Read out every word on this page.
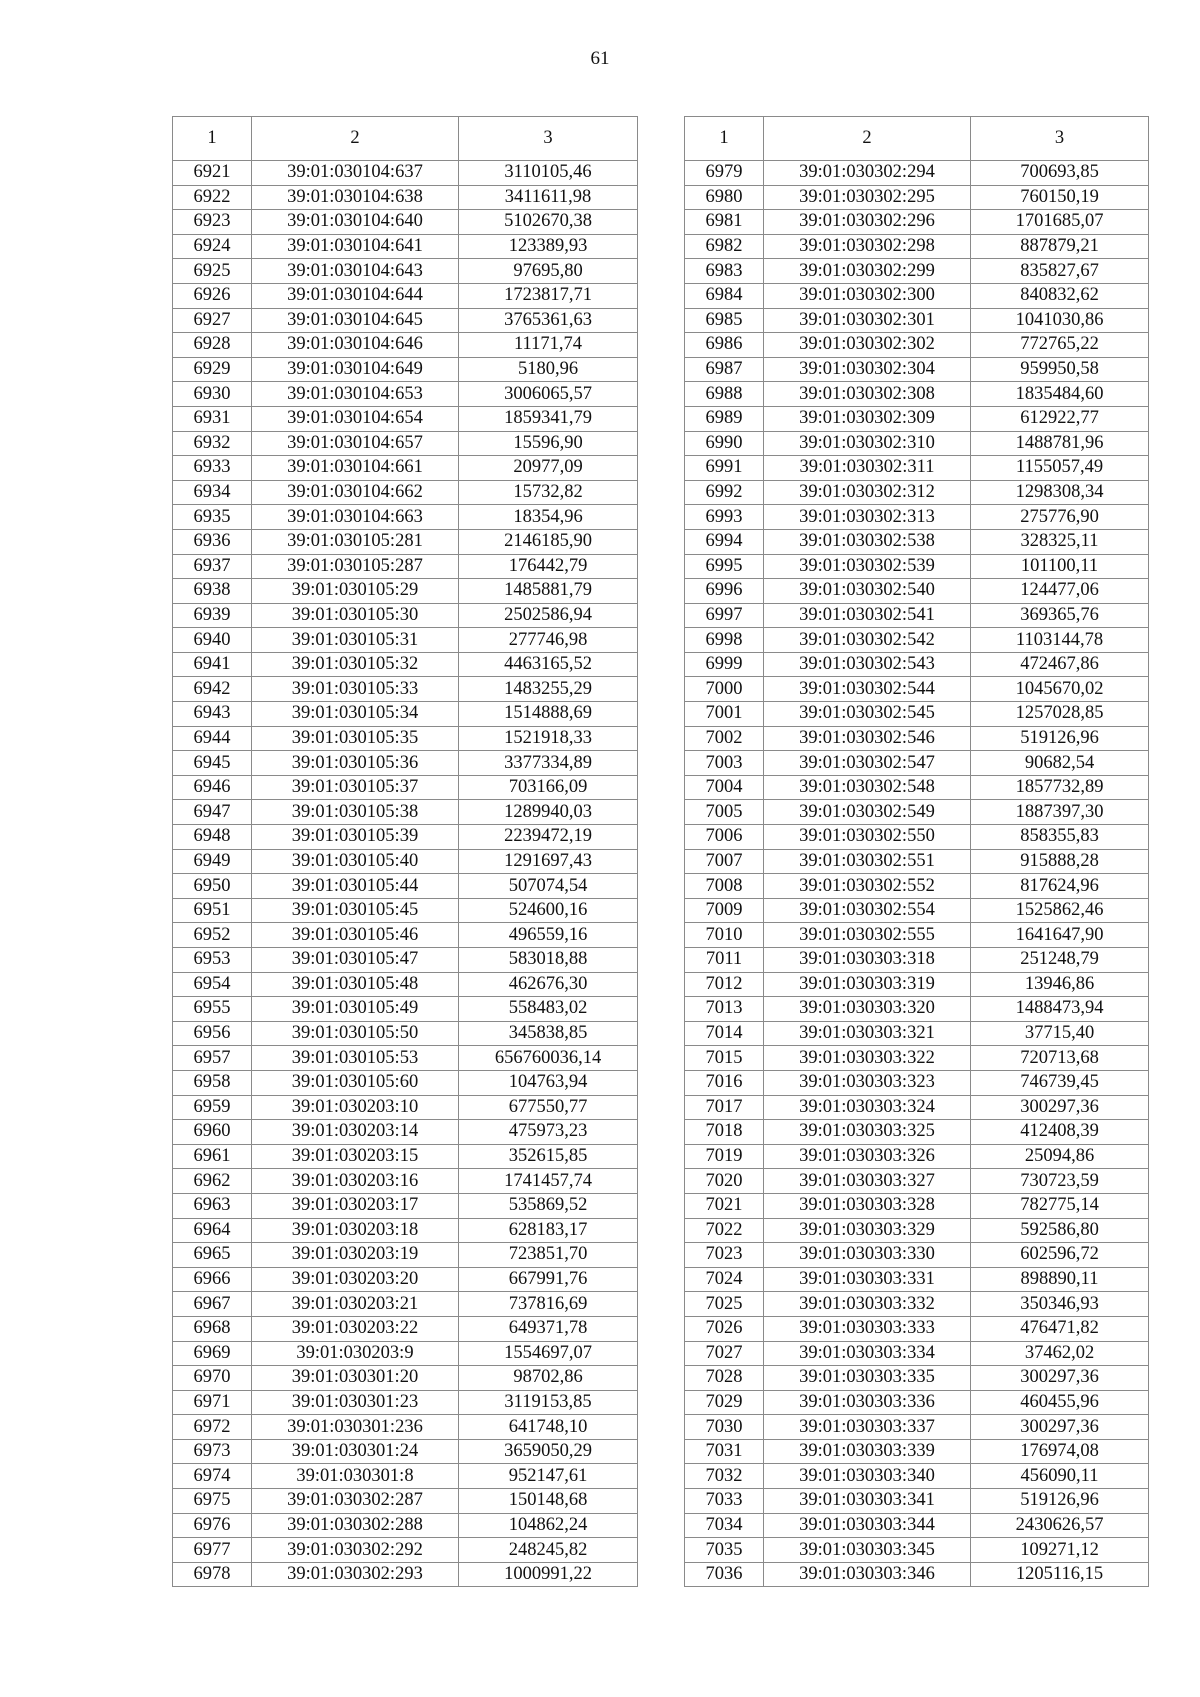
61
1	2	3
6921	39:01:030104:637	3110105,46
6922	39:01:030104:638	3411611,98
6923	39:01:030104:640	5102670,38
6924	39:01:030104:641	123389,93
6925	39:01:030104:643	97695,80
6926	39:01:030104:644	1723817,71
6927	39:01:030104:645	3765361,63
6928	39:01:030104:646	11171,74
6929	39:01:030104:649	5180,96
6930	39:01:030104:653	3006065,57
6931	39:01:030104:654	1859341,79
6932	39:01:030104:657	15596,90
6933	39:01:030104:661	20977,09
6934	39:01:030104:662	15732,82
6935	39:01:030104:663	18354,96
6936	39:01:030105:281	2146185,90
6937	39:01:030105:287	176442,79
6938	39:01:030105:29	1485881,79
6939	39:01:030105:30	2502586,94
6940	39:01:030105:31	277746,98
6941	39:01:030105:32	4463165,52
6942	39:01:030105:33	1483255,29
6943	39:01:030105:34	1514888,69
6944	39:01:030105:35	1521918,33
6945	39:01:030105:36	3377334,89
6946	39:01:030105:37	703166,09
6947	39:01:030105:38	1289940,03
6948	39:01:030105:39	2239472,19
6949	39:01:030105:40	1291697,43
6950	39:01:030105:44	507074,54
6951	39:01:030105:45	524600,16
6952	39:01:030105:46	496559,16
6953	39:01:030105:47	583018,88
6954	39:01:030105:48	462676,30
6955	39:01:030105:49	558483,02
6956	39:01:030105:50	345838,85
6957	39:01:030105:53	656760036,14
6958	39:01:030105:60	104763,94
6959	39:01:030203:10	677550,77
6960	39:01:030203:14	475973,23
6961	39:01:030203:15	352615,85
6962	39:01:030203:16	1741457,74
6963	39:01:030203:17	535869,52
6964	39:01:030203:18	628183,17
6965	39:01:030203:19	723851,70
6966	39:01:030203:20	667991,76
6967	39:01:030203:21	737816,69
6968	39:01:030203:22	649371,78
6969	39:01:030203:9	1554697,07
6970	39:01:030301:20	98702,86
6971	39:01:030301:23	3119153,85
6972	39:01:030301:236	641748,10
6973	39:01:030301:24	3659050,29
6974	39:01:030301:8	952147,61
6975	39:01:030302:287	150148,68
6976	39:01:030302:288	104862,24
6977	39:01:030302:292	248245,82
6978	39:01:030302:293	1000991,22
1	2	3
6979	39:01:030302:294	700693,85
6980	39:01:030302:295	760150,19
6981	39:01:030302:296	1701685,07
6982	39:01:030302:298	887879,21
6983	39:01:030302:299	835827,67
6984	39:01:030302:300	840832,62
6985	39:01:030302:301	1041030,86
6986	39:01:030302:302	772765,22
6987	39:01:030302:304	959950,58
6988	39:01:030302:308	1835484,60
6989	39:01:030302:309	612922,77
6990	39:01:030302:310	1488781,96
6991	39:01:030302:311	1155057,49
6992	39:01:030302:312	1298308,34
6993	39:01:030302:313	275776,90
6994	39:01:030302:538	328325,11
6995	39:01:030302:539	101100,11
6996	39:01:030302:540	124477,06
6997	39:01:030302:541	369365,76
6998	39:01:030302:542	1103144,78
6999	39:01:030302:543	472467,86
7000	39:01:030302:544	1045670,02
7001	39:01:030302:545	1257028,85
7002	39:01:030302:546	519126,96
7003	39:01:030302:547	90682,54
7004	39:01:030302:548	1857732,89
7005	39:01:030302:549	1887397,30
7006	39:01:030302:550	858355,83
7007	39:01:030302:551	915888,28
7008	39:01:030302:552	817624,96
7009	39:01:030302:554	1525862,46
7010	39:01:030302:555	1641647,90
7011	39:01:030303:318	251248,79
7012	39:01:030303:319	13946,86
7013	39:01:030303:320	1488473,94
7014	39:01:030303:321	37715,40
7015	39:01:030303:322	720713,68
7016	39:01:030303:323	746739,45
7017	39:01:030303:324	300297,36
7018	39:01:030303:325	412408,39
7019	39:01:030303:326	25094,86
7020	39:01:030303:327	730723,59
7021	39:01:030303:328	782775,14
7022	39:01:030303:329	592586,80
7023	39:01:030303:330	602596,72
7024	39:01:030303:331	898890,11
7025	39:01:030303:332	350346,93
7026	39:01:030303:333	476471,82
7027	39:01:030303:334	37462,02
7028	39:01:030303:335	300297,36
7029	39:01:030303:336	460455,96
7030	39:01:030303:337	300297,36
7031	39:01:030303:339	176974,08
7032	39:01:030303:340	456090,11
7033	39:01:030303:341	519126,96
7034	39:01:030303:344	2430626,57
7035	39:01:030303:345	109271,12
7036	39:01:030303:346	1205116,15
